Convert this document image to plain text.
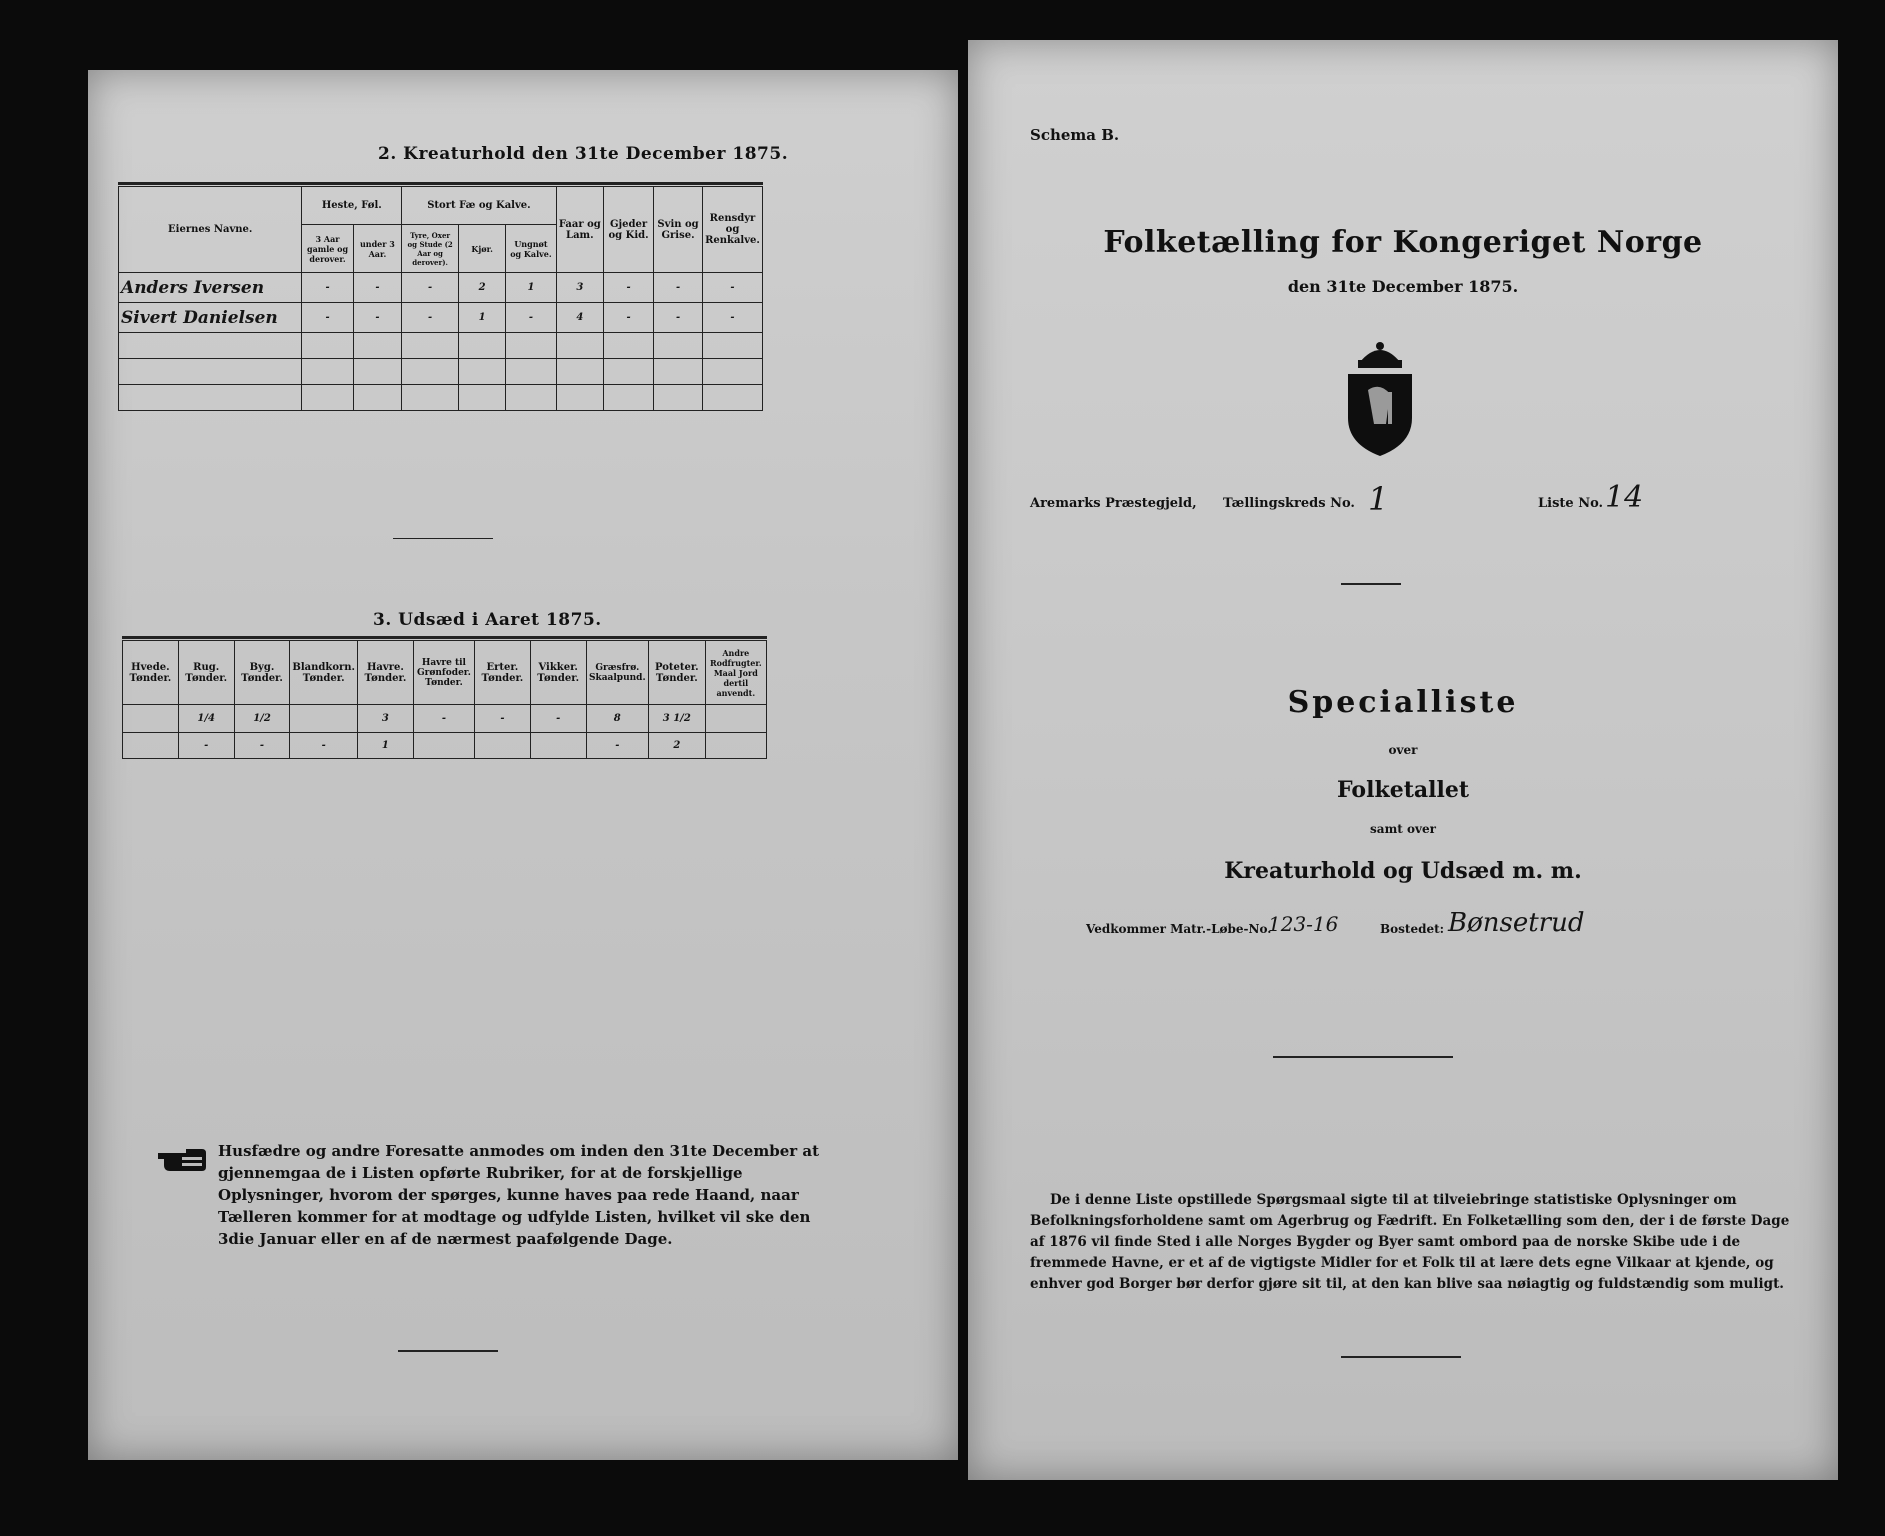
2. Kreaturhold den 31te December 1875.
Eiernes Navne.	Heste, Føl.		Stort Fæ og Kalve.			Faar og Lam.	Gjeder og Kid.	Svin og Grise.	Rensdyr og Renkalve.
	3 Aar gamle og derover.	under 3 Aar.	Tyre, Oxer og Stude (2 Aar og derover).	Kjør.	Ungnøt og Kalve.				
Anders Iversen	-	-	-	2	1	3	-	-	-
Sivert Danielsen	-	-	-	1	-	4	-	-	-

3. Udsæd i Aaret 1875.
Hvede. Tønder.	Rug. Tønder.	Byg. Tønder.	Blandkorn. Tønder.	Havre. Tønder.	Havre til Grønfoder. Tønder.	Erter. Tønder.	Vikker. Tønder.	Græsfrø. Skaalpund.	Poteter. Tønder.	Andre Rodfrugter. Maal Jord dertil anvendt.
	1/4	1/2		3	-	-	-	8	3 1/2	
	-	-	-	1				-	2	
Husfædre og andre Foresatte anmodes om inden den 31te December at gjennemgaa de i Listen opførte Rubriker, for at de forskjellige Oplysninger, hvorom der spørges, kunne haves paa rede Haand, naar Tælleren kommer for at modtage og udfylde Listen, hvilket vil ske den 3die Januar eller en af de nærmest paafølgende Dage.
Schema B.
Folketælling for Kongeriget Norge
den 31te December 1875.
Aremarks Præstegjeld, Tællingskreds No. 1	Liste No. 14
Specialliste
over
Folketallet
samt over
Kreaturhold og Udsæd m. m.
Vedkommer Matr.-Løbe-No.
123-16	Bostedet: Bønsetrud
De i denne Liste opstillede Spørgsmaal sigte til at tilveiebringe statistiske Oplysninger om Befolkningsforholdene samt om Agerbrug og Fædrift. En Folketælling som den, der i de første Dage af 1876 vil finde Sted i alle Norges Bygder og Byer samt ombord paa de norske Skibe ude i de fremmede Havne, er et af de vigtigste Midler for et Folk til at lære dets egne Vilkaar at kjende, og enhver god Borger bør derfor gjøre sit til, at den kan blive saa nøiagtig og fuldstændig som muligt.
